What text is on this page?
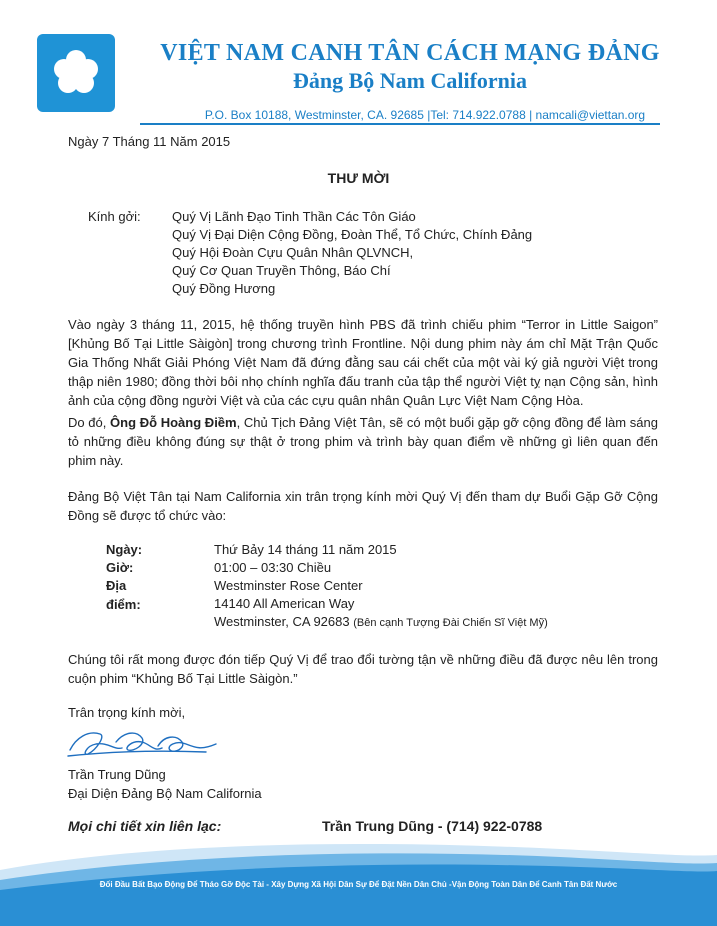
VIỆT NAM CANH TÂN CÁCH MẠNG ĐẢNG
Đảng Bộ Nam California
P.O. Box 10188, Westminster, CA. 92685 |Tel: 714.922.0788 | namcali@viettan.org
Ngày 7 Tháng 11 Năm 2015
THƯ MỜI
Kính gởi: Quý Vị Lãnh Đạo Tinh Thần Các Tôn Giáo
Quý Vị Đại Diện Cộng Đồng, Đoàn Thể, Tổ Chức, Chính Đảng
Quý Hội Đoàn Cựu Quân Nhân QLVNCH,
Quý Cơ Quan Truyền Thông, Báo Chí
Quý Đồng Hương
Vào ngày 3 tháng 11, 2015, hệ thống truyền hình PBS đã trình chiếu phim “Terror in Little Saigon” [Khủng Bố Tại Little Sàigòn] trong chương trình Frontline. Nội dung phim này ám chỉ Mặt Trận Quốc Gia Thống Nhất Giải Phóng Việt Nam đã đứng đằng sau cái chết của một vài ký giả người Việt trong thập niên 1980; đồng thời bôi nhọ chính nghĩa đấu tranh của tập thể người Việt tỵ nạn Cộng sản, hình ảnh của cộng đồng người Việt và của các cựu quân nhân Quân Lực Việt Nam Cộng Hòa.
Do đó, Ông Đỗ Hoàng Điềm, Chủ Tịch Đảng Việt Tân, sẽ có một buổi gặp gỡ cộng đồng để làm sáng tỏ những điều không đúng sự thật ở trong phim và trình bày quan điểm về những gì liên quan đến phim này.
Đảng Bộ Việt Tân tại Nam California xin trân trọng kính mời Quý Vị đến tham dự Buổi Gặp Gỡ Cộng Đồng sẽ được tổ chức vào:
Ngày:	Thứ Bảy 14 tháng 11 năm 2015
Giờ:	01:00 – 03:30 Chiều
Địa điểm:
Westminster Rose Center
14140 All American Way
Westminster, CA 92683 (Bên cạnh Tượng Đài Chiến Sĩ Việt Mỹ)
Chúng tôi rất mong được đón tiếp Quý Vị để trao đổi tường tận về những điều đã được nêu lên trong cuộn phim “Khủng Bố Tại Little Sàigòn.”
Trân trọng kính mời,
Trần Trung Dũng
Đại Diện Đảng Bộ Nam California
Mọi chi tiết xin liên lạc:	Trần Trung Dũng - (714) 922-0788
Đối Đầu Bất Bạo Động Để Tháo Gỡ Độc Tài - Xây Dựng Xã Hội Dân Sự Để Đặt Nền Dân Chủ -Vận Động Toàn Dân Để Canh Tân Đất Nước
